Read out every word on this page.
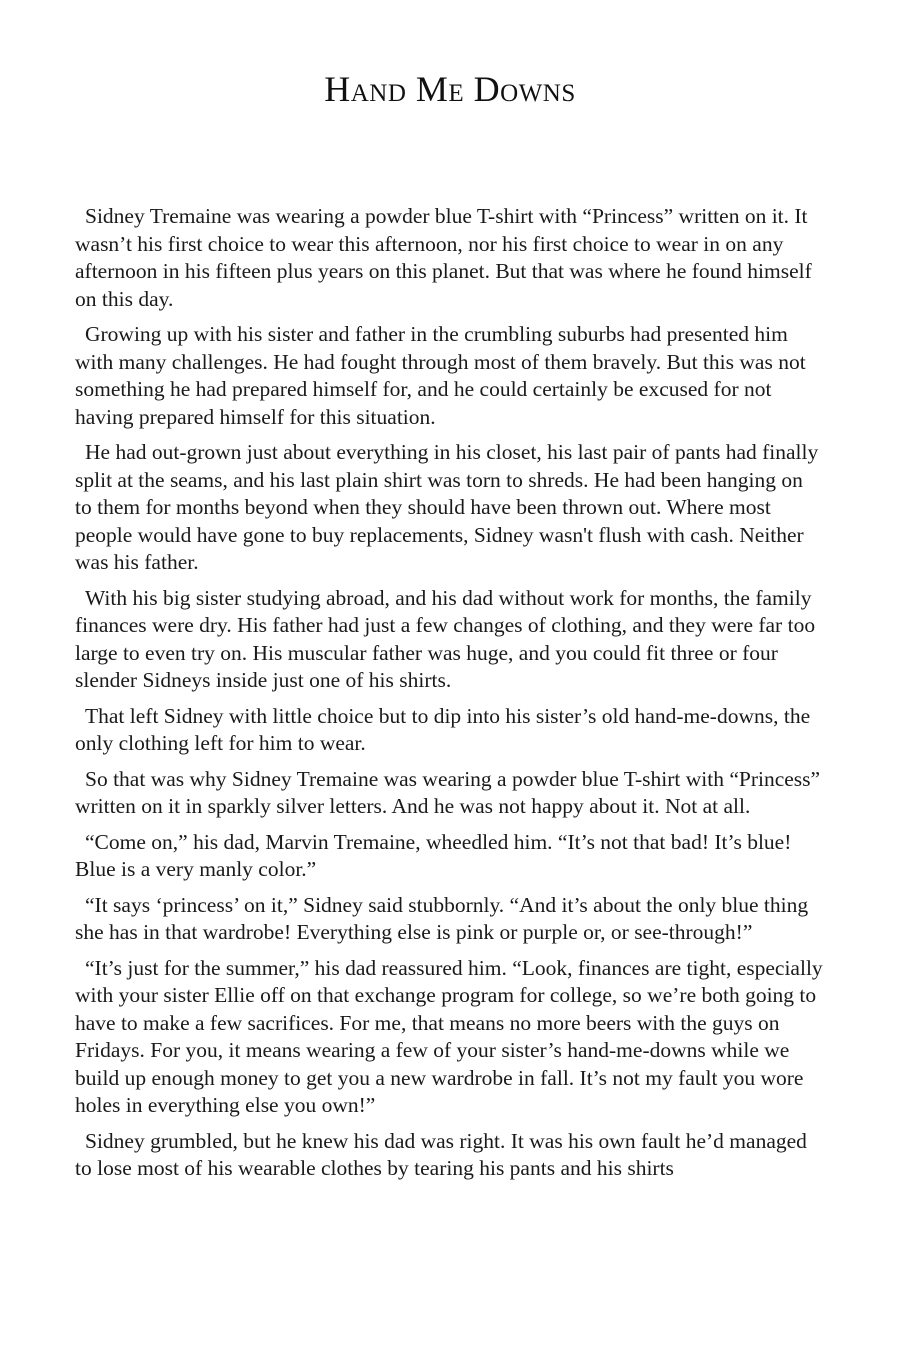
Hand Me Downs

Sidney Tremaine was wearing a powder blue T-shirt with “Princess” written on it. It wasn’t his first choice to wear this afternoon, nor his first choice to wear in on any afternoon in his fifteen plus years on this planet. But that was where he found himself on this day.

Growing up with his sister and father in the crumbling suburbs had presented him with many challenges. He had fought through most of them bravely. But this was not something he had prepared himself for, and he could certainly be excused for not having prepared himself for this situation.

He had out-grown just about everything in his closet, his last pair of pants had finally split at the seams, and his last plain shirt was torn to shreds. He had been hanging on to them for months beyond when they should have been thrown out. Where most people would have gone to buy replacements, Sidney wasn't flush with cash. Neither was his father.

With his big sister studying abroad, and his dad without work for months, the family finances were dry. His father had just a few changes of clothing, and they were far too large to even try on. His muscular father was huge, and you could fit three or four slender Sidneys inside just one of his shirts.

That left Sidney with little choice but to dip into his sister’s old hand-me-downs, the only clothing left for him to wear.

So that was why Sidney Tremaine was wearing a powder blue T-shirt with “Princess” written on it in sparkly silver letters. And he was not happy about it. Not at all.

“Come on,” his dad, Marvin Tremaine, wheedled him. “It’s not that bad! It’s blue! Blue is a very manly color.”

“It says ‘princess’ on it,” Sidney said stubbornly. “And it’s about the only blue thing she has in that wardrobe! Everything else is pink or purple or, or see-through!”

“It’s just for the summer,” his dad reassured him. “Look, finances are tight, especially with your sister Ellie off on that exchange program for college, so we’re both going to have to make a few sacrifices. For me, that means no more beers with the guys on Fridays. For you, it means wearing a few of your sister’s hand-me-downs while we build up enough money to get you a new wardrobe in fall. It’s not my fault you wore holes in everything else you own!”

Sidney grumbled, but he knew his dad was right. It was his own fault he’d managed to lose most of his wearable clothes by tearing his pants and his shirts
